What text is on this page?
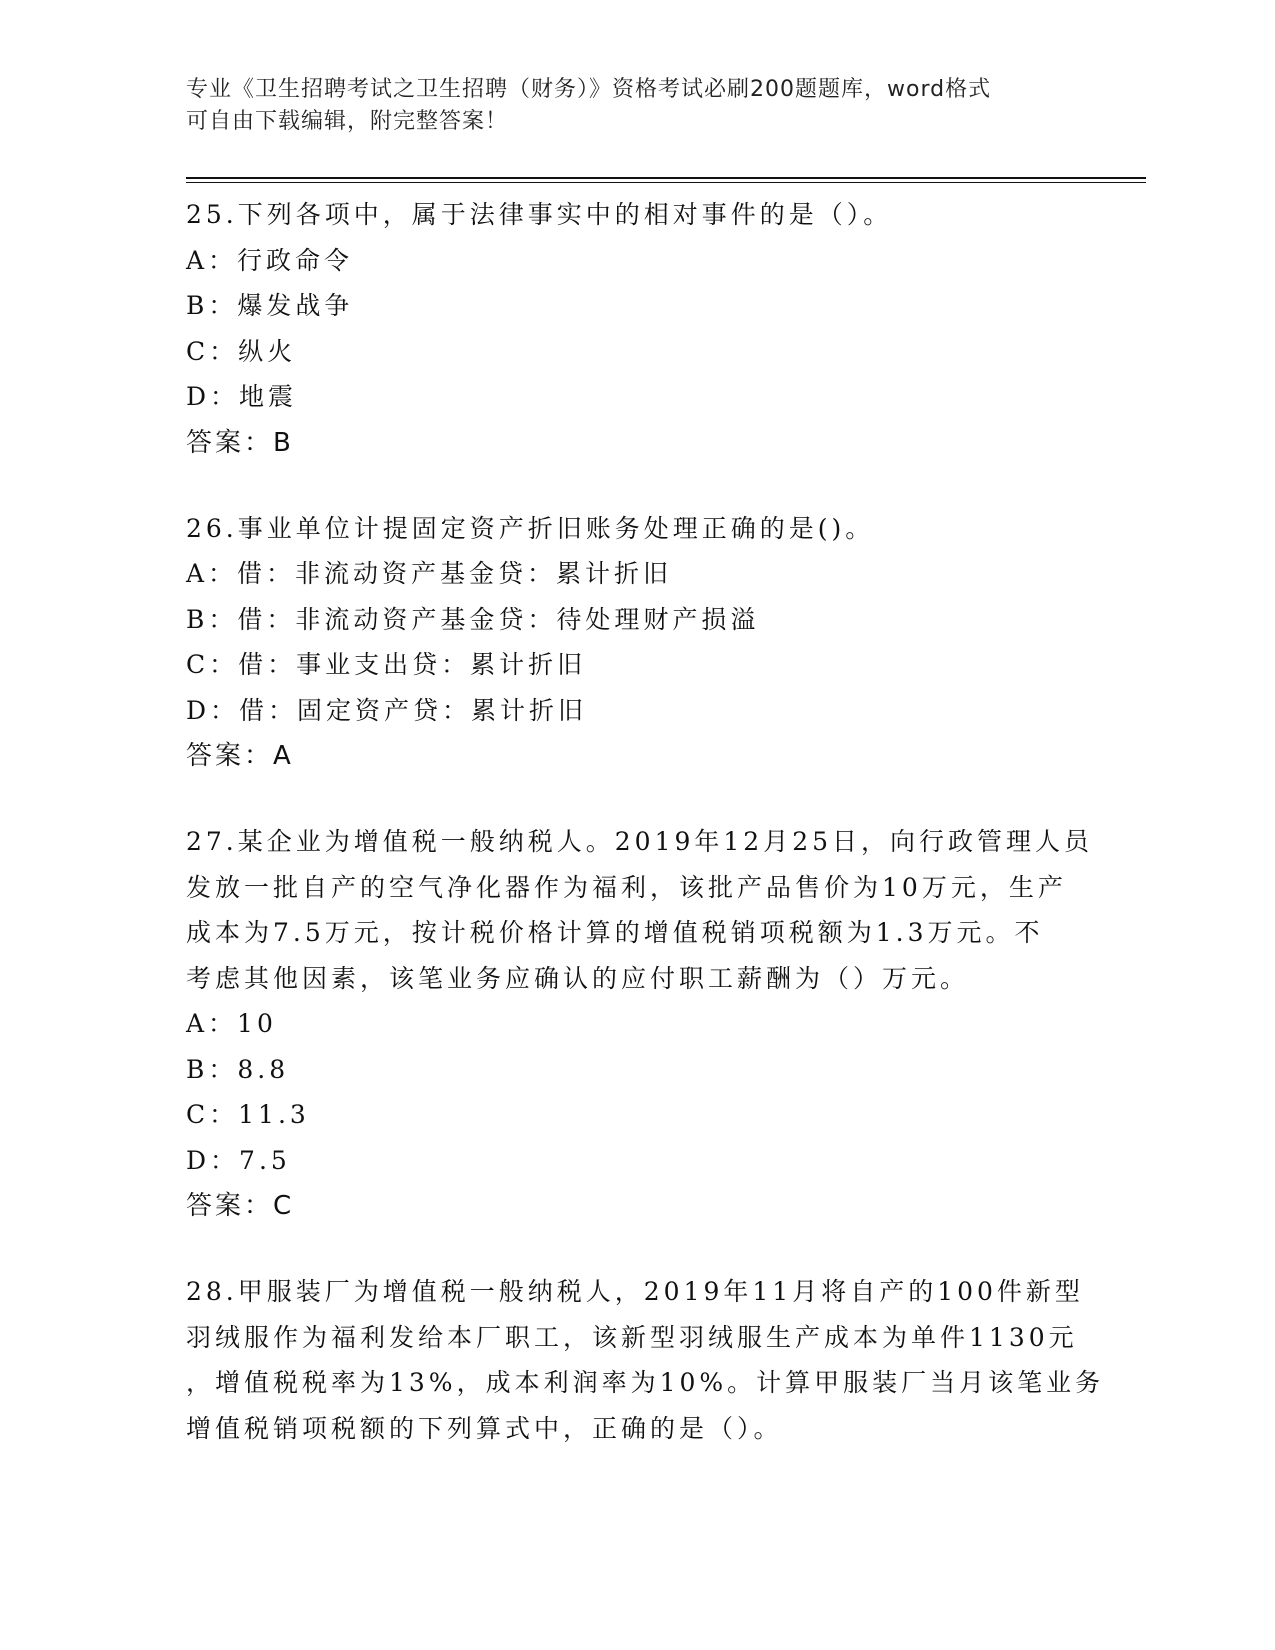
专业《卫生招聘考试之卫生招聘（财务）》资格考试必刷200题题库，word格式
可自由下载编辑，附完整答案！
25.下列各项中，属于法律事实中的相对事件的是（）。
A：行政命令
B：爆发战争
C：纵火
D：地震
答案：B
26.事业单位计提固定资产折旧账务处理正确的是()。
A：借：非流动资产基金贷：累计折旧
B：借：非流动资产基金贷：待处理财产损溢
C：借：事业支出贷：累计折旧
D：借：固定资产贷：累计折旧
答案：A
27.某企业为增值税一般纳税人。2019年12月25日，向行政管理人员
发放一批自产的空气净化器作为福利，该批产品售价为10万元，生产
成本为7.5万元，按计税价格计算的增值税销项税额为1.3万元。不
考虑其他因素，该笔业务应确认的应付职工薪酬为（）万元。
A：10
B：8.8
C：11.3
D：7.5
答案：C
28.甲服装厂为增值税一般纳税人，2019年11月将自产的100件新型
羽绒服作为福利发给本厂职工，该新型羽绒服生产成本为单件1130元
，增值税税率为13%，成本利润率为10%。计算甲服装厂当月该笔业务
增值税销项税额的下列算式中，正确的是（）。
